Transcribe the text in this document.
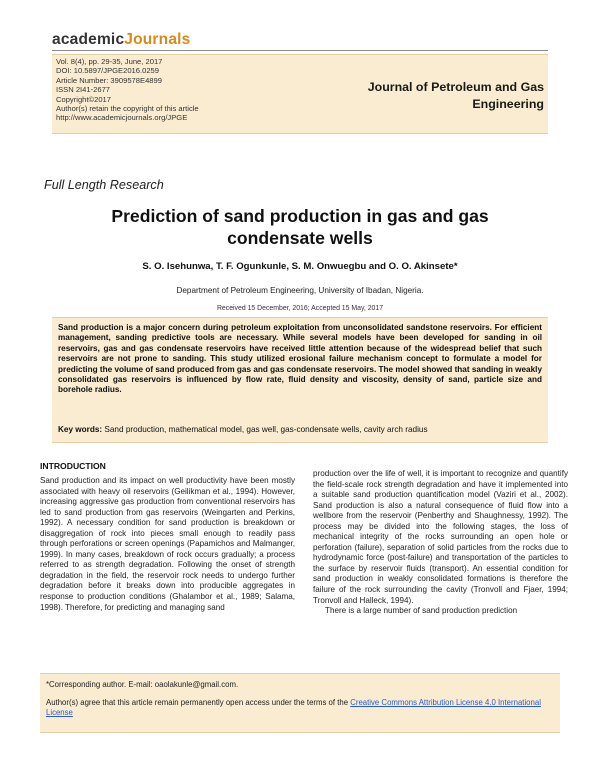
academicJournals
Vol. 8(4), pp. 29-35, June, 2017
DOI: 10.5897/JPGE2016.0259
Article Number: 3909578E4899
ISSN 2I41-2677
Copyright©2017
Author(s) retain the copyright of this article
http://www.academicjournals.org/JPGE
Journal of Petroleum and Gas
Engineering
Full Length Research
Prediction of sand production in gas and gas
condensate wells
S. O. Isehunwa, T. F. Ogunkunle, S. M. Onwuegbu and O. O. Akinsete*
Department of Petroleum Engineering, University of Ibadan, Nigeria.
Received 15 December, 2016; Accepted 15 May, 2017
Sand production is a major concern during petroleum exploitation from unconsolidated sandstone reservoirs. For efficient management, sanding predictive tools are necessary. While several models have been developed for sanding in oil reservoirs, gas and gas condensate reservoirs have received little attention because of the widespread belief that such reservoirs are not prone to sanding. This study utilized erosional failure mechanism concept to formulate a model for predicting the volume of sand produced from gas and gas condensate reservoirs. The model showed that sanding in weakly consolidated gas reservoirs is influenced by flow rate, fluid density and viscosity, density of sand, particle size and borehole radius.
Key words: Sand production, mathematical model, gas well, gas-condensate wells, cavity arch radius
INTRODUCTION
Sand production and its impact on well productivity have been mostly associated with heavy oil reservoirs (Geilikman et al., 1994). However, increasing aggressive gas production from conventional reservoirs has led to sand production from gas reservoirs (Weingarten and Perkins, 1992). A necessary condition for sand production is breakdown or disaggregation of rock into pieces small enough to readily pass through perforations or screen openings (Papamichos and Malmanger, 1999). In many cases, breakdown of rock occurs gradually; a process referred to as strength degradation. Following the onset of strength degradation in the field, the reservoir rock needs to undergo further degradation before it breaks down into producible aggregates in response to production conditions (Ghalambor et al., 1989; Salama, 1998). Therefore, for predicting and managing sand
production over the life of well, it is important to recognize and quantify the field-scale rock strength degradation and have it implemented into a suitable sand production quantification model (Vaziri et al., 2002). Sand production is also a natural consequence of fluid flow into a wellbore from the reservoir (Penberthy and Shaughnessy, 1992). The process may be divided into the following stages, the loss of mechanical integrity of the rocks surrounding an open hole or perforation (failure), separation of solid particles from the rocks due to hydrodynamic force (post-failure) and transportation of the particles to the surface by reservoir fluids (transport). An essential condition for sand production in weakly consolidated formations is therefore the failure of the rock surrounding the cavity (Tronvoll and Fjaer, 1994; Tronvoll and Halleck, 1994).
There is a large number of sand production prediction
*Corresponding author. E-mail: oaolakunle@gmail.com.
Author(s) agree that this article remain permanently open access under the terms of the Creative Commons Attribution License 4.0 International License
